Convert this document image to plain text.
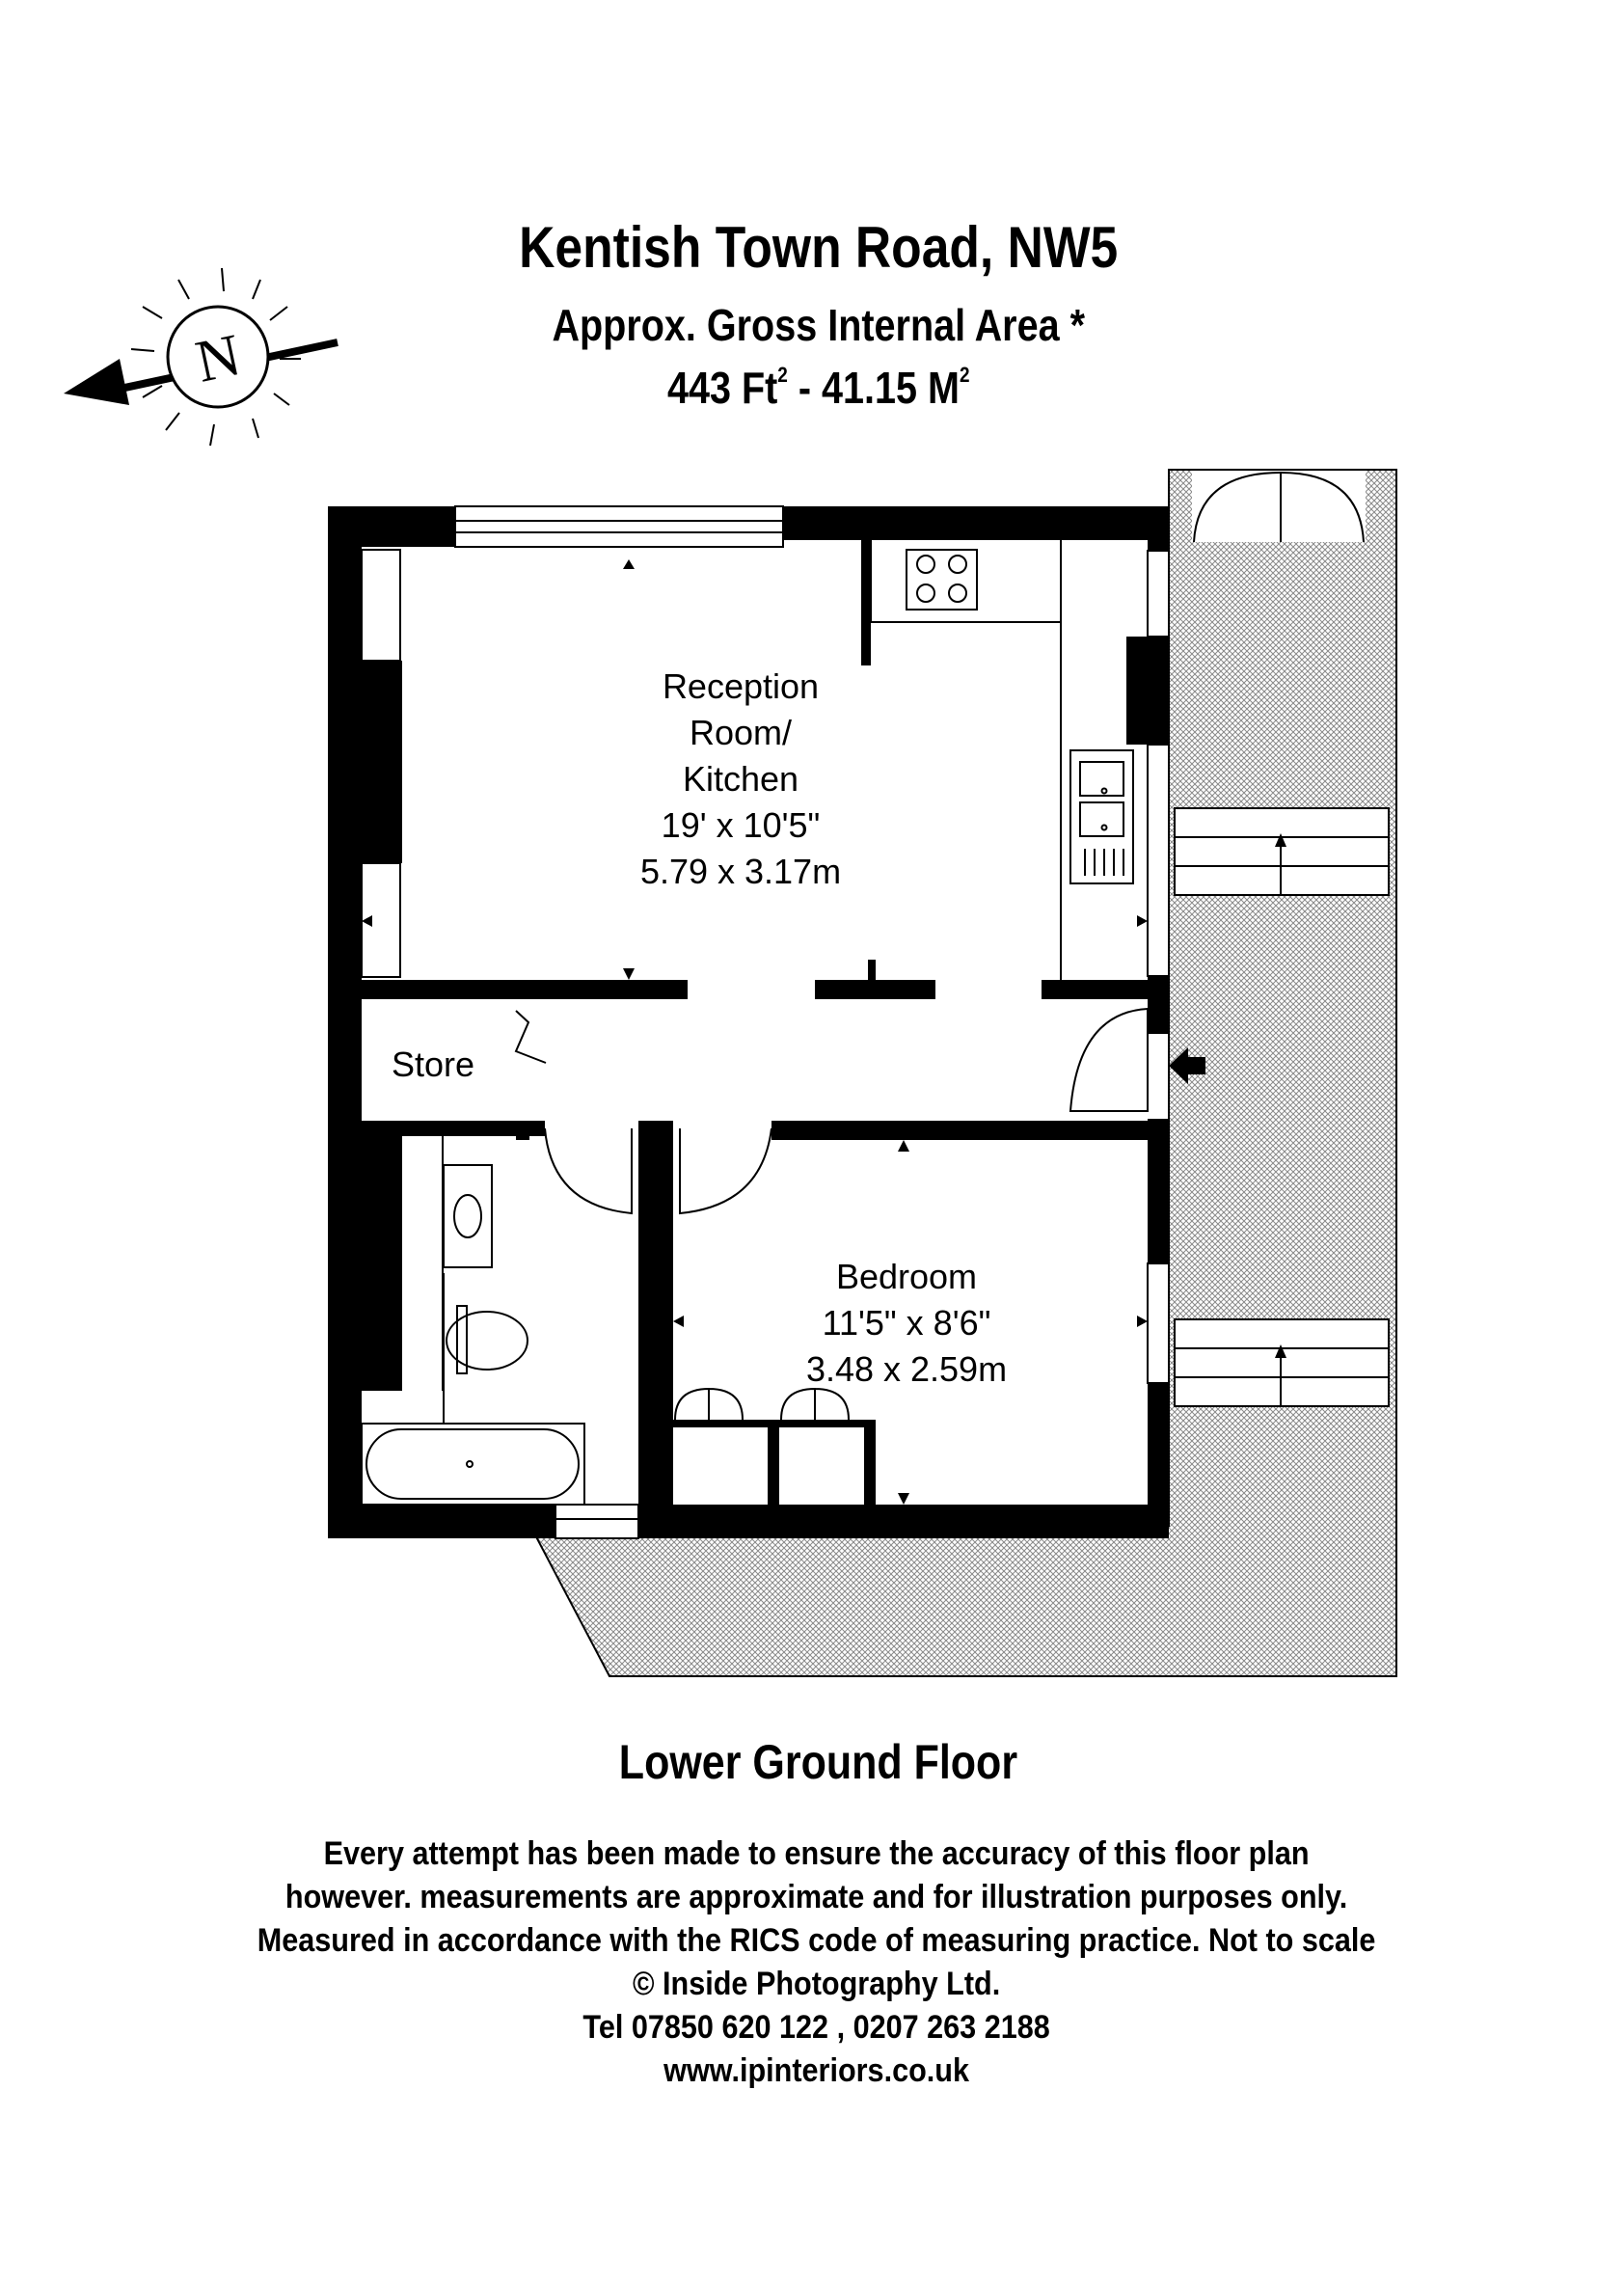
Kentish Town Road, NW5
Approx. Gross Internal Area *
443 Ft$^2$ - 41.15 $M^2$
N
Reception
Room/
Kitchen
19' x 10'5"
5.79 x 3.17m
Store
Bedroom
11'5" x 8'6"
3.48 x 2.59m
Lower Ground Floor
Every attempt has been made to ensure the accuracy of this floor plan
however. measurements are approximate and for illustration purposes only.
Measured in accordance with the RICS code of measuring practice. Not to scale
© Inside Photography Ltd.
Tel 07850 620 122 , 0207 263 2188
www.ipinteriors.co.uk
